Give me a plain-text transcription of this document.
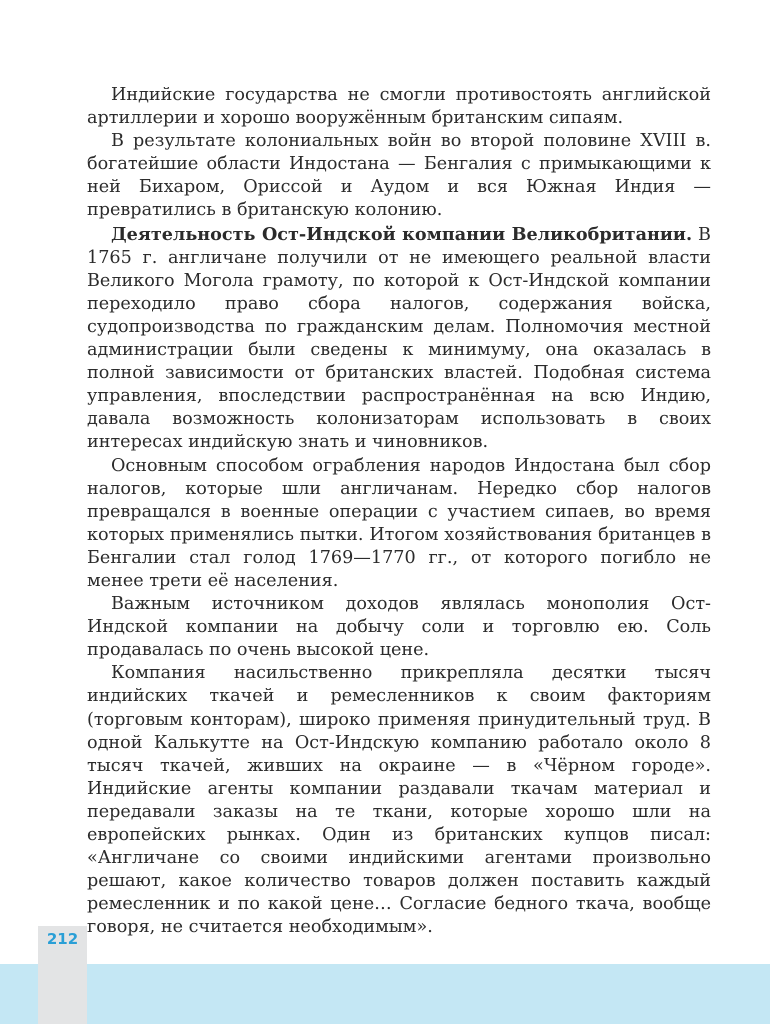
Индийские государства не смогли противостоять английской артиллерии и хорошо вооружённым британским сипаям.

В результате колониальных войн во второй половине XVIII в. богатейшие области Индостана — Бенгалия с примыкающими к ней Бихаром, Ориссой и Аудом и вся Южная Индия — превратились в британскую колонию.

Деятельность Ост-Индской компании Великобритании. В 1765 г. англичане получили от не имеющего реальной власти Великого Могола грамоту, по которой к Ост-Индской компании переходило право сбора налогов, содержания войска, судопроизводства по гражданским делам. Полномочия местной администрации были сведены к минимуму, она оказалась в полной зависимости от британских властей. Подобная система управления, впоследствии распространённая на всю Индию, давала возможность колонизаторам использовать в своих интересах индийскую знать и чиновников.

Основным способом ограбления народов Индостана был сбор налогов, которые шли англичанам. Нередко сбор налогов превращался в военные операции с участием сипаев, во время которых применялись пытки. Итогом хозяйствования британцев в Бенгалии стал голод 1769—1770 гг., от которого погибло не менее трети её населения.

Важным источником доходов являлась монополия Ост-Индской компании на добычу соли и торговлю ею. Соль продавалась по очень высокой цене.

Компания насильственно прикрепляла десятки тысяч индийских ткачей и ремесленников к своим факториям (торговым конторам), широко применяя принудительный труд. В одной Калькутте на Ост-Индскую компанию работало около 8 тысяч ткачей, живших на окраине — в «Чёрном городе». Индийские агенты компании раздавали ткачам материал и передавали заказы на те ткани, которые хорошо шли на европейских рынках. Один из британских купцов писал: «Англичане со своими индийскими агентами произвольно решают, какое количество товаров должен поставить каждый ремесленник и по какой цене… Согласие бедного ткача, вообще говоря, не считается необходимым».

212
